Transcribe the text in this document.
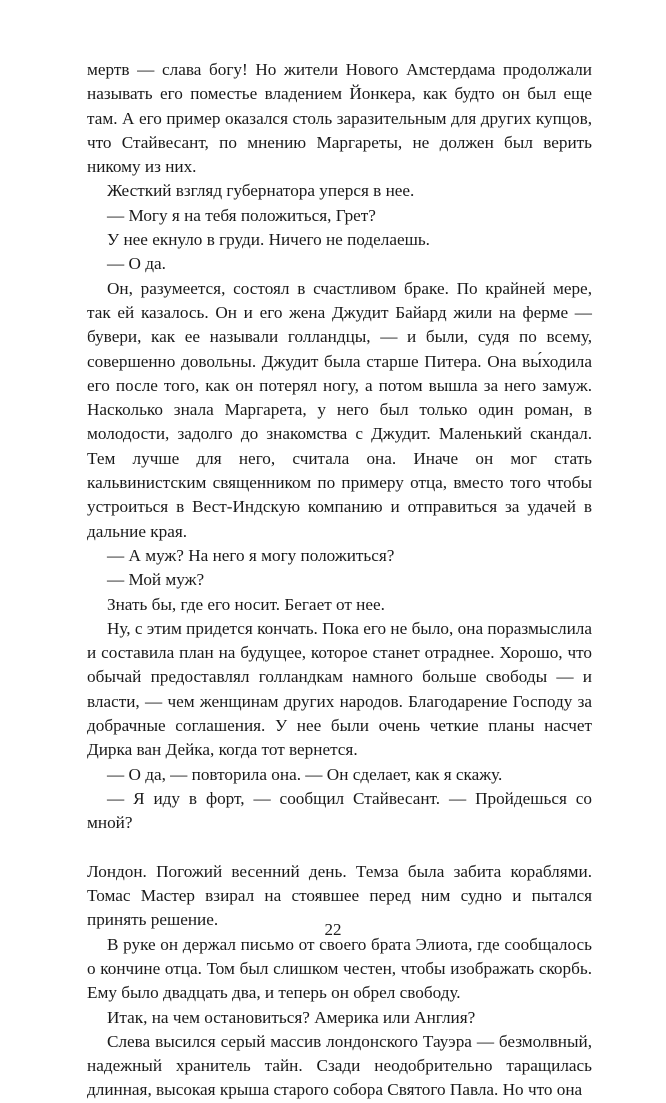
мертв — слава богу! Но жители Нового Амстердама продолжали называть его поместье владением Йонкера, как будто он был еще там. А его пример оказался столь заразительным для других купцов, что Стайвесант, по мнению Маргареты, не должен был верить никому из них.

Жесткий взгляд губернатора уперся в нее.

— Могу я на тебя положиться, Грет?

У нее екнуло в груди. Ничего не поделаешь.

— О да.

Он, разумеется, состоял в счастливом браке. По крайней мере, так ей казалось. Он и его жена Джудит Байард жили на ферме — бувери, как ее называли голландцы, — и были, судя по всему, совершенно довольны. Джудит была старше Питера. Она вы́ходила его после того, как он потерял ногу, а потом вышла за него замуж. Насколько знала Маргарета, у него был только один роман, в молодости, задолго до знакомства с Джудит. Маленький скандал. Тем лучше для него, считала она. Иначе он мог стать кальвинистским священником по примеру отца, вместо того чтобы устроиться в Вест-Индскую компанию и отправиться за удачей в дальние края.

— А муж? На него я могу положиться?

— Мой муж?

Знать бы, где его носит. Бегает от нее.

Ну, с этим придется кончать. Пока его не было, она поразмыслила и составила план на будущее, которое станет отраднее. Хорошо, что обычай предоставлял голландкам намного больше свободы — и власти, — чем женщинам других народов. Благодарение Господу за добрачные соглашения. У нее были очень четкие планы насчет Дирка ван Дейка, когда тот вернется.

— О да, — повторила она. — Он сделает, как я скажу.

— Я иду в форт, — сообщил Стайвесант. — Пройдешься со мной?

Лондон. Погожий весенний день. Темза была забита кораблями. Томас Мастер взирал на стоявшее перед ним судно и пытался принять решение.

В руке он держал письмо от своего брата Элиота, где сообщалось о кончине отца. Том был слишком честен, чтобы изображать скорбь. Ему было двадцать два, и теперь он обрел свободу.

Итак, на чем остановиться? Америка или Англия?

Слева высился серый массив лондонского Тауэра — безмолвный, надежный хранитель тайн. Сзади неодобрительно таращилась длинная, высокая крыша старого собора Святого Павла. Но что она

22
